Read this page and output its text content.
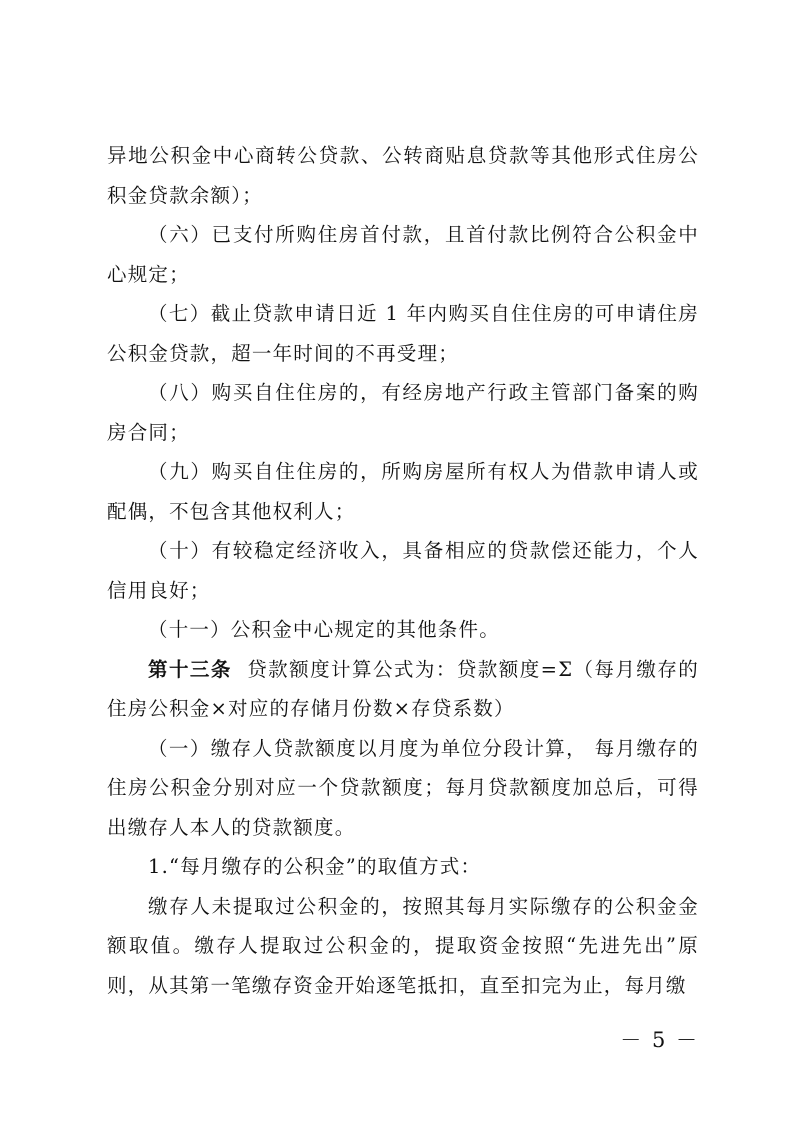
异地公积金中心商转公贷款、公转商贴息贷款等其他形式住房公积金贷款余额）；

（六）已支付所购住房首付款，且首付款比例符合公积金中心规定；

（七）截止贷款申请日近 1 年内购买自住住房的可申请住房公积金贷款，超一年时间的不再受理；

（八）购买自住住房的，有经房地产行政主管部门备案的购房合同；

（九）购买自住住房的，所购房屋所有权人为借款申请人或配偶，不包含其他权利人；

（十）有较稳定经济收入，具备相应的贷款偿还能力，个人信用良好；

（十一）公积金中心规定的其他条件。

第十三条 贷款额度计算公式为：贷款额度=Σ（每月缴存的住房公积金×对应的存储月份数×存贷系数）

（一）缴存人贷款额度以月度为单位分段计算， 每月缴存的住房公积金分别对应一个贷款额度；每月贷款额度加总后，可得出缴存人本人的贷款额度。

1.“每月缴存的公积金”的取值方式：

缴存人未提取过公积金的，按照其每月实际缴存的公积金金额取值。缴存人提取过公积金的，提取资金按照“先进先出”原则，从其第一笔缴存资金开始逐笔抵扣，直至扣完为止，每月缴

－ 5 －
